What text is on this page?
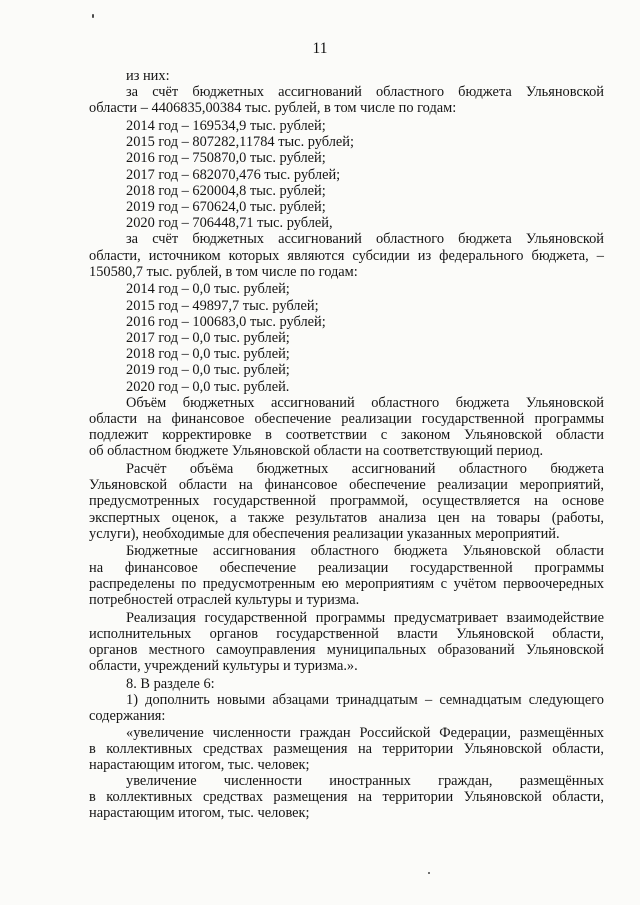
11
из них:
за счёт бюджетных ассигнований областного бюджета Ульяновской
области – 4406835,00384 тыс. рублей, в том числе по годам:
2014 год – 169534,9 тыс. рублей;
2015 год – 807282,11784 тыс. рублей;
2016 год – 750870,0 тыс. рублей;
2017 год – 682070,476 тыс. рублей;
2018 год – 620004,8 тыс. рублей;
2019 год – 670624,0 тыс. рублей;
2020 год – 706448,71 тыс. рублей,
за счёт бюджетных ассигнований областного бюджета Ульяновской
области, источником которых являются субсидии из федерального бюджета, –
150580,7 тыс. рублей, в том числе по годам:
2014 год – 0,0 тыс. рублей;
2015 год – 49897,7 тыс. рублей;
2016 год – 100683,0 тыс. рублей;
2017 год – 0,0 тыс. рублей;
2018 год – 0,0 тыс. рублей;
2019 год – 0,0 тыс. рублей;
2020 год – 0,0 тыс. рублей.
Объём бюджетных ассигнований областного бюджета Ульяновской
области на финансовое обеспечение реализации государственной программы
подлежит корректировке в соответствии с законом Ульяновской области
об областном бюджете Ульяновской области на соответствующий период.
Расчёт объёма бюджетных ассигнований областного бюджета
Ульяновской области на финансовое обеспечение реализации мероприятий,
предусмотренных государственной программой, осуществляется на основе
экспертных оценок, а также результатов анализа цен на товары (работы,
услуги), необходимые для обеспечения реализации указанных мероприятий.
Бюджетные ассигнования областного бюджета Ульяновской области
на финансовое обеспечение реализации государственной программы
распределены по предусмотренным ею мероприятиям с учётом первоочередных
потребностей отраслей культуры и туризма.
Реализация государственной программы предусматривает взаимодействие
исполнительных органов государственной власти Ульяновской области,
органов местного самоуправления муниципальных образований Ульяновской
области, учреждений культуры и туризма.».
8. В разделе 6:
1) дополнить новыми абзацами тринадцатым – семнадцатым следующего
содержания:
«увеличение численности граждан Российской Федерации, размещённых
в коллективных средствах размещения на территории Ульяновской области,
нарастающим итогом, тыс. человек;
увеличение численности иностранных граждан, размещённых
в коллективных средствах размещения на территории Ульяновской области,
нарастающим итогом, тыс. человек;
